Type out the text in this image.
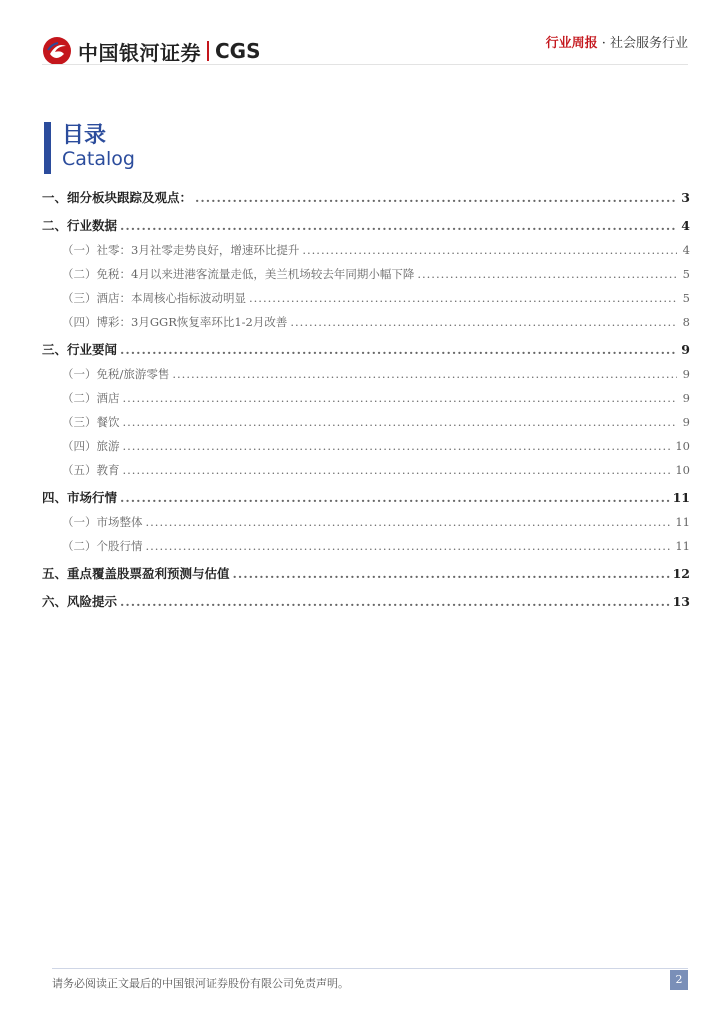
中国银河证券 CGS	行业周报 · 社会服务行业
目录
Catalog
一、 细分板块跟踪及观点： .....	3
二、 行业数据 .....	4
（一） 社零：3月社零走势良好，增速环比提升 .....	4
（二） 免税：4月以来进港客流量走低，美兰机场较去年同期小幅下降 .....	5
（三） 酒店：本周核心指标波动明显 .....	5
（四） 博彩：3月GGR恢复率环比1-2月改善 .....	8
三、 行业要闻 .....	9
（一） 免税/旅游零售 .....	9
（二） 酒店 .....	9
（三） 餐饮 .....	9
（四） 旅游 .....	10
（五） 教育 .....	10
四、 市场行情 .....	11
（一） 市场整体 .....	11
（二） 个股行情 .....	11
五、 重点覆盖股票盈利预测与估值 .....	12
六、 风险提示 .....	13
请务必阅读正文最后的中国银河证券股份有限公司免责声明。	2
